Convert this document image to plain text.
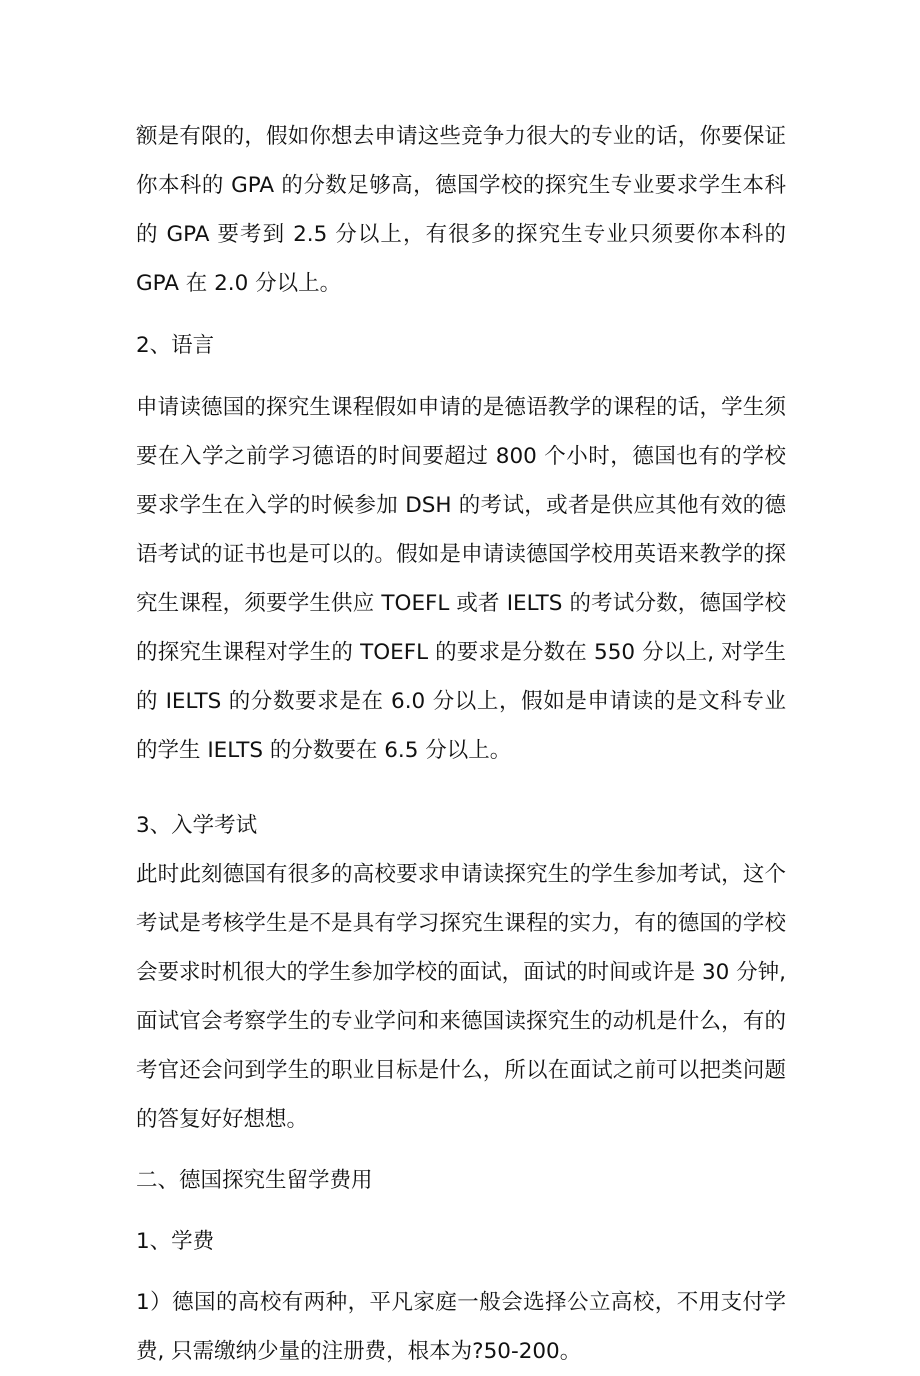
额是有限的，假如你想去申请这些竞争力很大的专业的话，你要保证你本科的 GPA 的分数足够高，德国学校的探究生专业要求学生本科的 GPA 要考到 2.5 分以上，有很多的探究生专业只须要你本科的 GPA 在 2.0 分以上。

2、语言

申请读德国的探究生课程假如申请的是德语教学的课程的话，学生须要在入学之前学习德语的时间要超过 800 个小时，德国也有的学校要求学生在入学的时候参加 DSH 的考试，或者是供应其他有效的德语考试的证书也是可以的。假如是申请读德国学校用英语来教学的探究生课程，须要学生供应 TOEFL 或者 IELTS 的考试分数，德国学校的探究生课程对学生的 TOEFL 的要求是分数在 550 分以上, 对学生的 IELTS 的分数要求是在 6.0 分以上，假如是申请读的是文科专业的学生 IELTS 的分数要在 6.5 分以上。

3、入学考试

此时此刻德国有很多的高校要求申请读探究生的学生参加考试，这个考试是考核学生是不是具有学习探究生课程的实力，有的德国的学校会要求时机很大的学生参加学校的面试，面试的时间或许是 30 分钟, 面试官会考察学生的专业学问和来德国读探究生的动机是什么，有的考官还会问到学生的职业目标是什么，所以在面试之前可以把类问题的答复好好想想。

二、德国探究生留学费用

1、学费

1）德国的高校有两种，平凡家庭一般会选择公立高校，不用支付学费, 只需缴纳少量的注册费，根本为?50-200。
